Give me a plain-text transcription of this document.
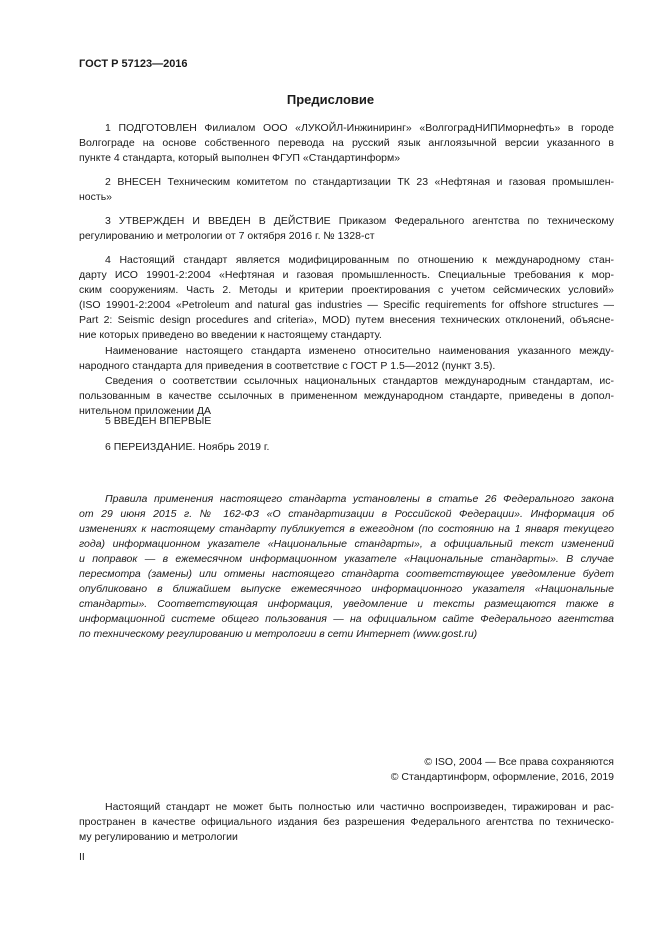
ГОСТ Р 57123—2016
Предисловие
1 ПОДГОТОВЛЕН Филиалом ООО «ЛУКОЙЛ-Инжиниринг» «ВолгоградНИПИморнефть» в городе
Волгограде на основе собственного перевода на русский язык англоязычной версии указанного в
пункте 4 стандарта, который выполнен ФГУП «Стандартинформ»
2 ВНЕСЕН Техническим комитетом по стандартизации ТК 23 «Нефтяная и газовая промышлен-
ность»
3 УТВЕРЖДЕН И ВВЕДЕН В ДЕЙСТВИЕ Приказом Федерального агентства по техническому
регулированию и метрологии от 7 октября 2016 г. № 1328-ст
4 Настоящий стандарт является модифицированным по отношению к международному стан-
дарту ИСО 19901-2:2004 «Нефтяная и газовая промышленность. Специальные требования к мор-
ским сооружениям. Часть 2. Методы и критерии проектирования с учетом сейсмических условий»
(ISO 19901-2:2004 «Petroleum and natural gas industries — Specific requirements for offshore structures —
Part 2: Seismic design procedures and criteria», MOD) путем внесения технических отклонений, объясне-
ние которых приведено во введении к настоящему стандарту.
Наименование настоящего стандарта изменено относительно наименования указанного между-
народного стандарта для приведения в соответствие с ГОСТ Р 1.5—2012 (пункт 3.5).
Сведения о соответствии ссылочных национальных стандартов международным стандартам, ис-
пользованным в качестве ссылочных в примененном международном стандарте, приведены в допол-
нительном приложении ДА
5 ВВЕДЕН ВПЕРВЫЕ
6 ПЕРЕИЗДАНИЕ. Ноябрь 2019 г.
Правила применения настоящего стандарта установлены в статье 26 Федерального закона
от 29 июня 2015 г. № 162-ФЗ «О стандартизации в Российской Федерации». Информация об
изменениях к настоящему стандарту публикуется в ежегодном (по состоянию на 1 января текущего
года) информационном указателе «Национальные стандарты», а официальный текст изменений
и поправок — в ежемесячном информационном указателе «Национальные стандарты». В случае
пересмотра (замены) или отмены настоящего стандарта соответствующее уведомление будет
опубликовано в ближайшем выпуске ежемесячного информационного указателя «Национальные
стандарты». Соответствующая информация, уведомление и тексты размещаются также в
информационной системе общего пользования — на официальном сайте Федерального агентства
по техническому регулированию и метрологии в сети Интернет (www.gost.ru)
© ISO, 2004 — Все права сохраняются
© Стандартинформ, оформление, 2016, 2019
Настоящий стандарт не может быть полностью или частично воспроизведен, тиражирован и рас-
пространен в качестве официального издания без разрешения Федерального агентства по техническо-
му регулированию и метрологии
II
